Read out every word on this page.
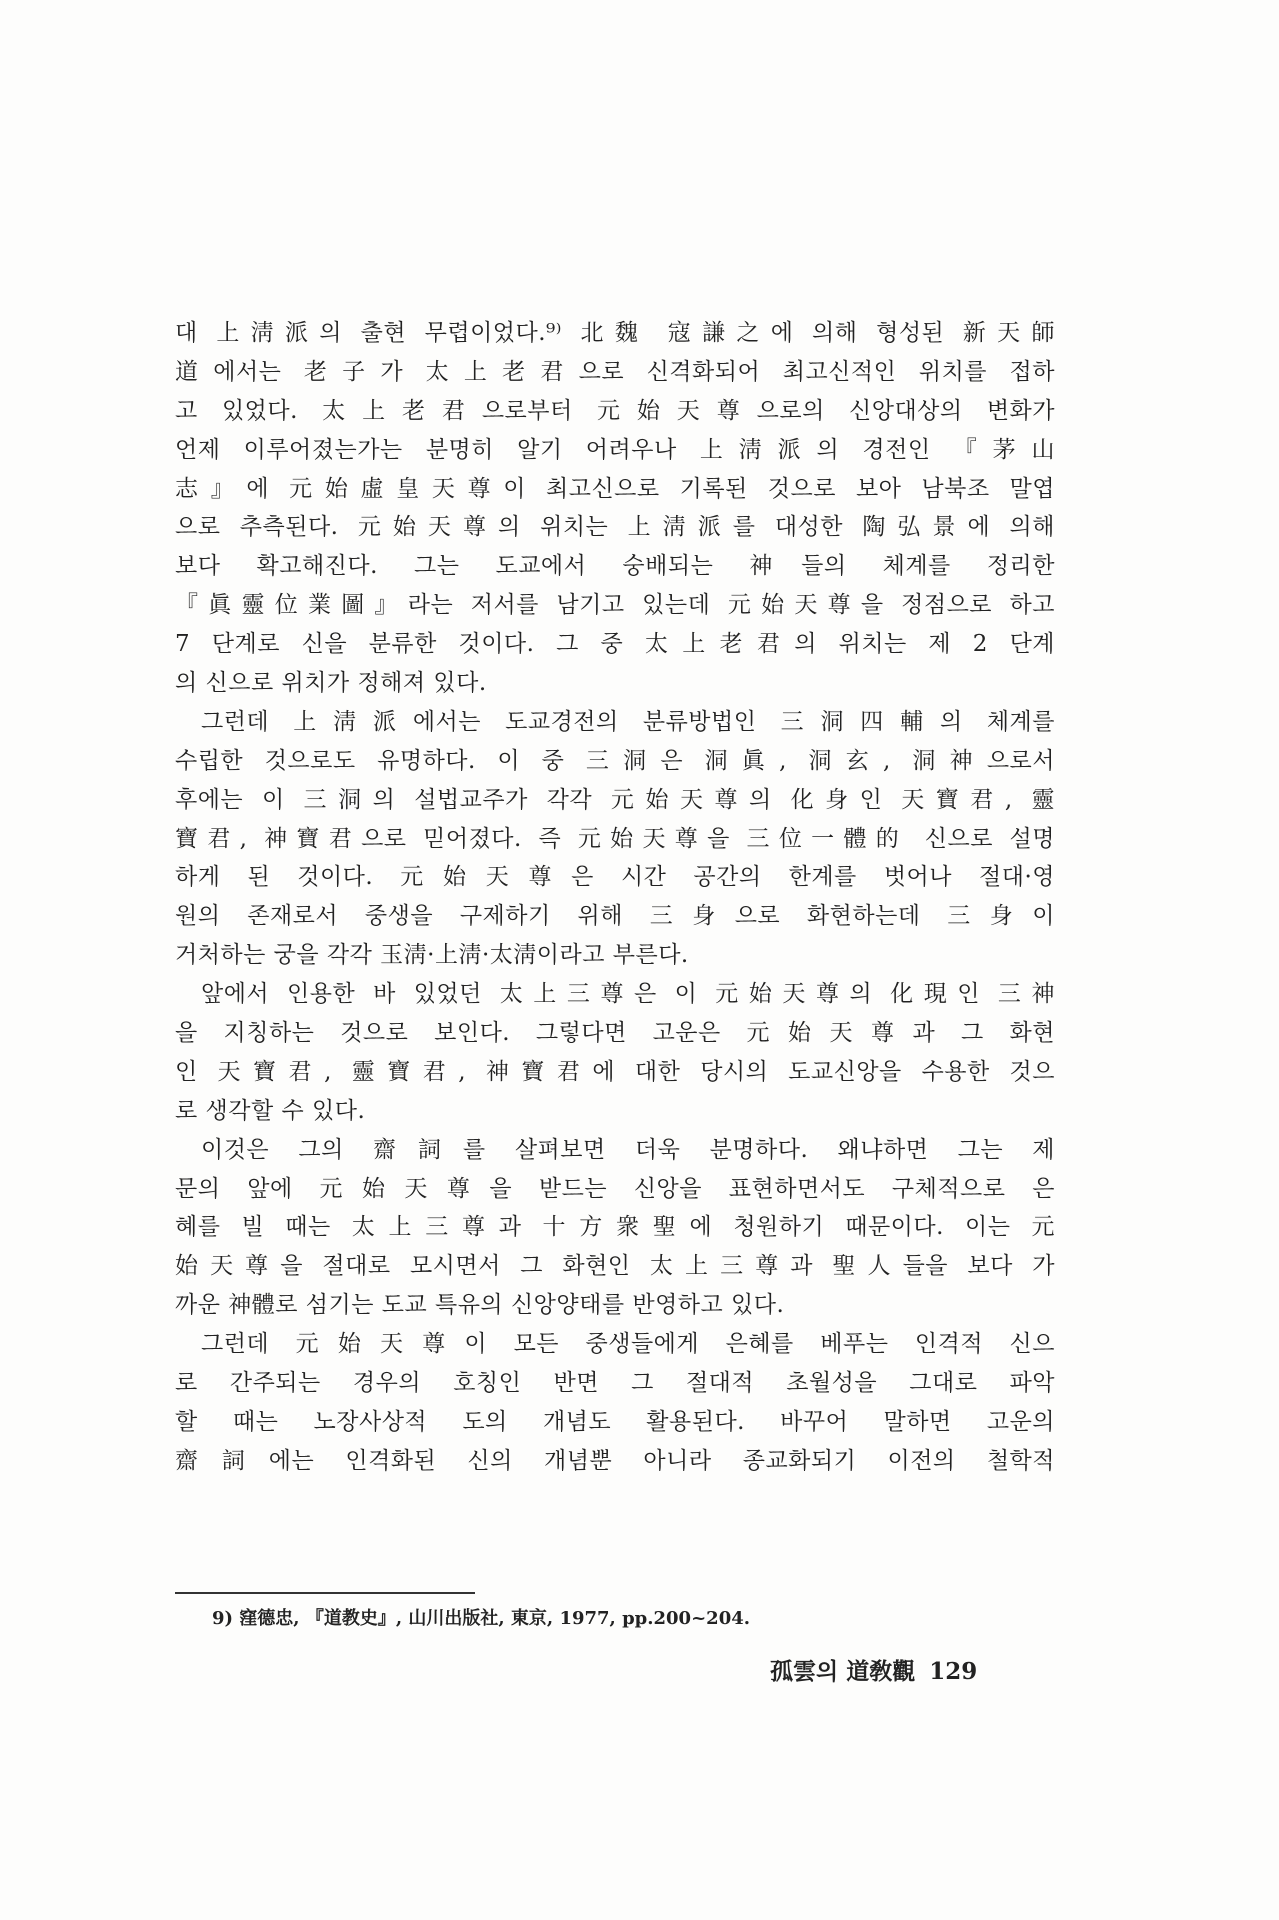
대 上淸派의 출현 무렵이었다.⁹⁾ 北魏 寇謙之에 의해 형성된 新天師
道에서는 老子가 太上老君으로 신격화되어 최고신적인 위치를 접하
고 있었다. 太上老君으로부터 元始天尊으로의 신앙대상의 변화가
언제 이루어졌는가는 분명히 알기 어려우나 上淸派의 경전인 『茅山
志』에 元始虛皇天尊이 최고신으로 기록된 것으로 보아 남북조 말엽
으로 추측된다. 元始天尊의 위치는 上淸派를 대성한 陶弘景에 의해
보다 확고해진다. 그는 도교에서 숭배되는 神들의 체계를 정리한
『眞靈位業圖』라는 저서를 남기고 있는데 元始天尊을 정점으로 하고
7 단계로 신을 분류한 것이다. 그 중 太上老君의 위치는 제 2 단계
의 신으로 위치가 정해져 있다.
그런데 上淸派에서는 도교경전의 분류방법인 三洞四輔의 체계를
수립한 것으로도 유명하다. 이 중 三洞은 洞眞, 洞玄, 洞神으로서
후에는 이 三洞의 설법교주가 각각 元始天尊의 化身인 天寶君, 靈
寶君, 神寶君으로 믿어졌다. 즉 元始天尊을 三位一體的 신으로 설명
하게 된 것이다. 元始天尊은 시간 공간의 한계를 벗어나 절대·영
원의 존재로서 중생을 구제하기 위해 三身으로 화현하는데 三身이
거처하는 궁을 각각 玉淸·上淸·太淸이라고 부른다.
앞에서 인용한 바 있었던 太上三尊은 이 元始天尊의 化現인 三神
을 지칭하는 것으로 보인다. 그렇다면 고운은 元始天尊과 그 화현
인 天寶君, 靈寶君, 神寶君에 대한 당시의 도교신앙을 수용한 것으
로 생각할 수 있다.
이것은 그의 齋詞를 살펴보면 더욱 분명하다. 왜냐하면 그는 제
문의 앞에 元始天尊을 받드는 신앙을 표현하면서도 구체적으로 은
혜를 빌 때는 太上三尊과 十方衆聖에 청원하기 때문이다. 이는 元
始天尊을 절대로 모시면서 그 화현인 太上三尊과 聖人들을 보다 가
까운 神體로 섬기는 도교 특유의 신앙양태를 반영하고 있다.
그런데 元始天尊이 모든 중생들에게 은혜를 베푸는 인격적 신으
로 간주되는 경우의 호칭인 반면 그 절대적 초월성을 그대로 파악
할 때는 노장사상적 도의 개념도 활용된다. 바꾸어 말하면 고운의
齋詞에는 인격화된 신의 개념뿐 아니라 종교화되기 이전의 철학적
9) 窪德忠, 『道教史』, 山川出版社, 東京, 1977, pp.200~204.
孤雲의 道敎觀 129
